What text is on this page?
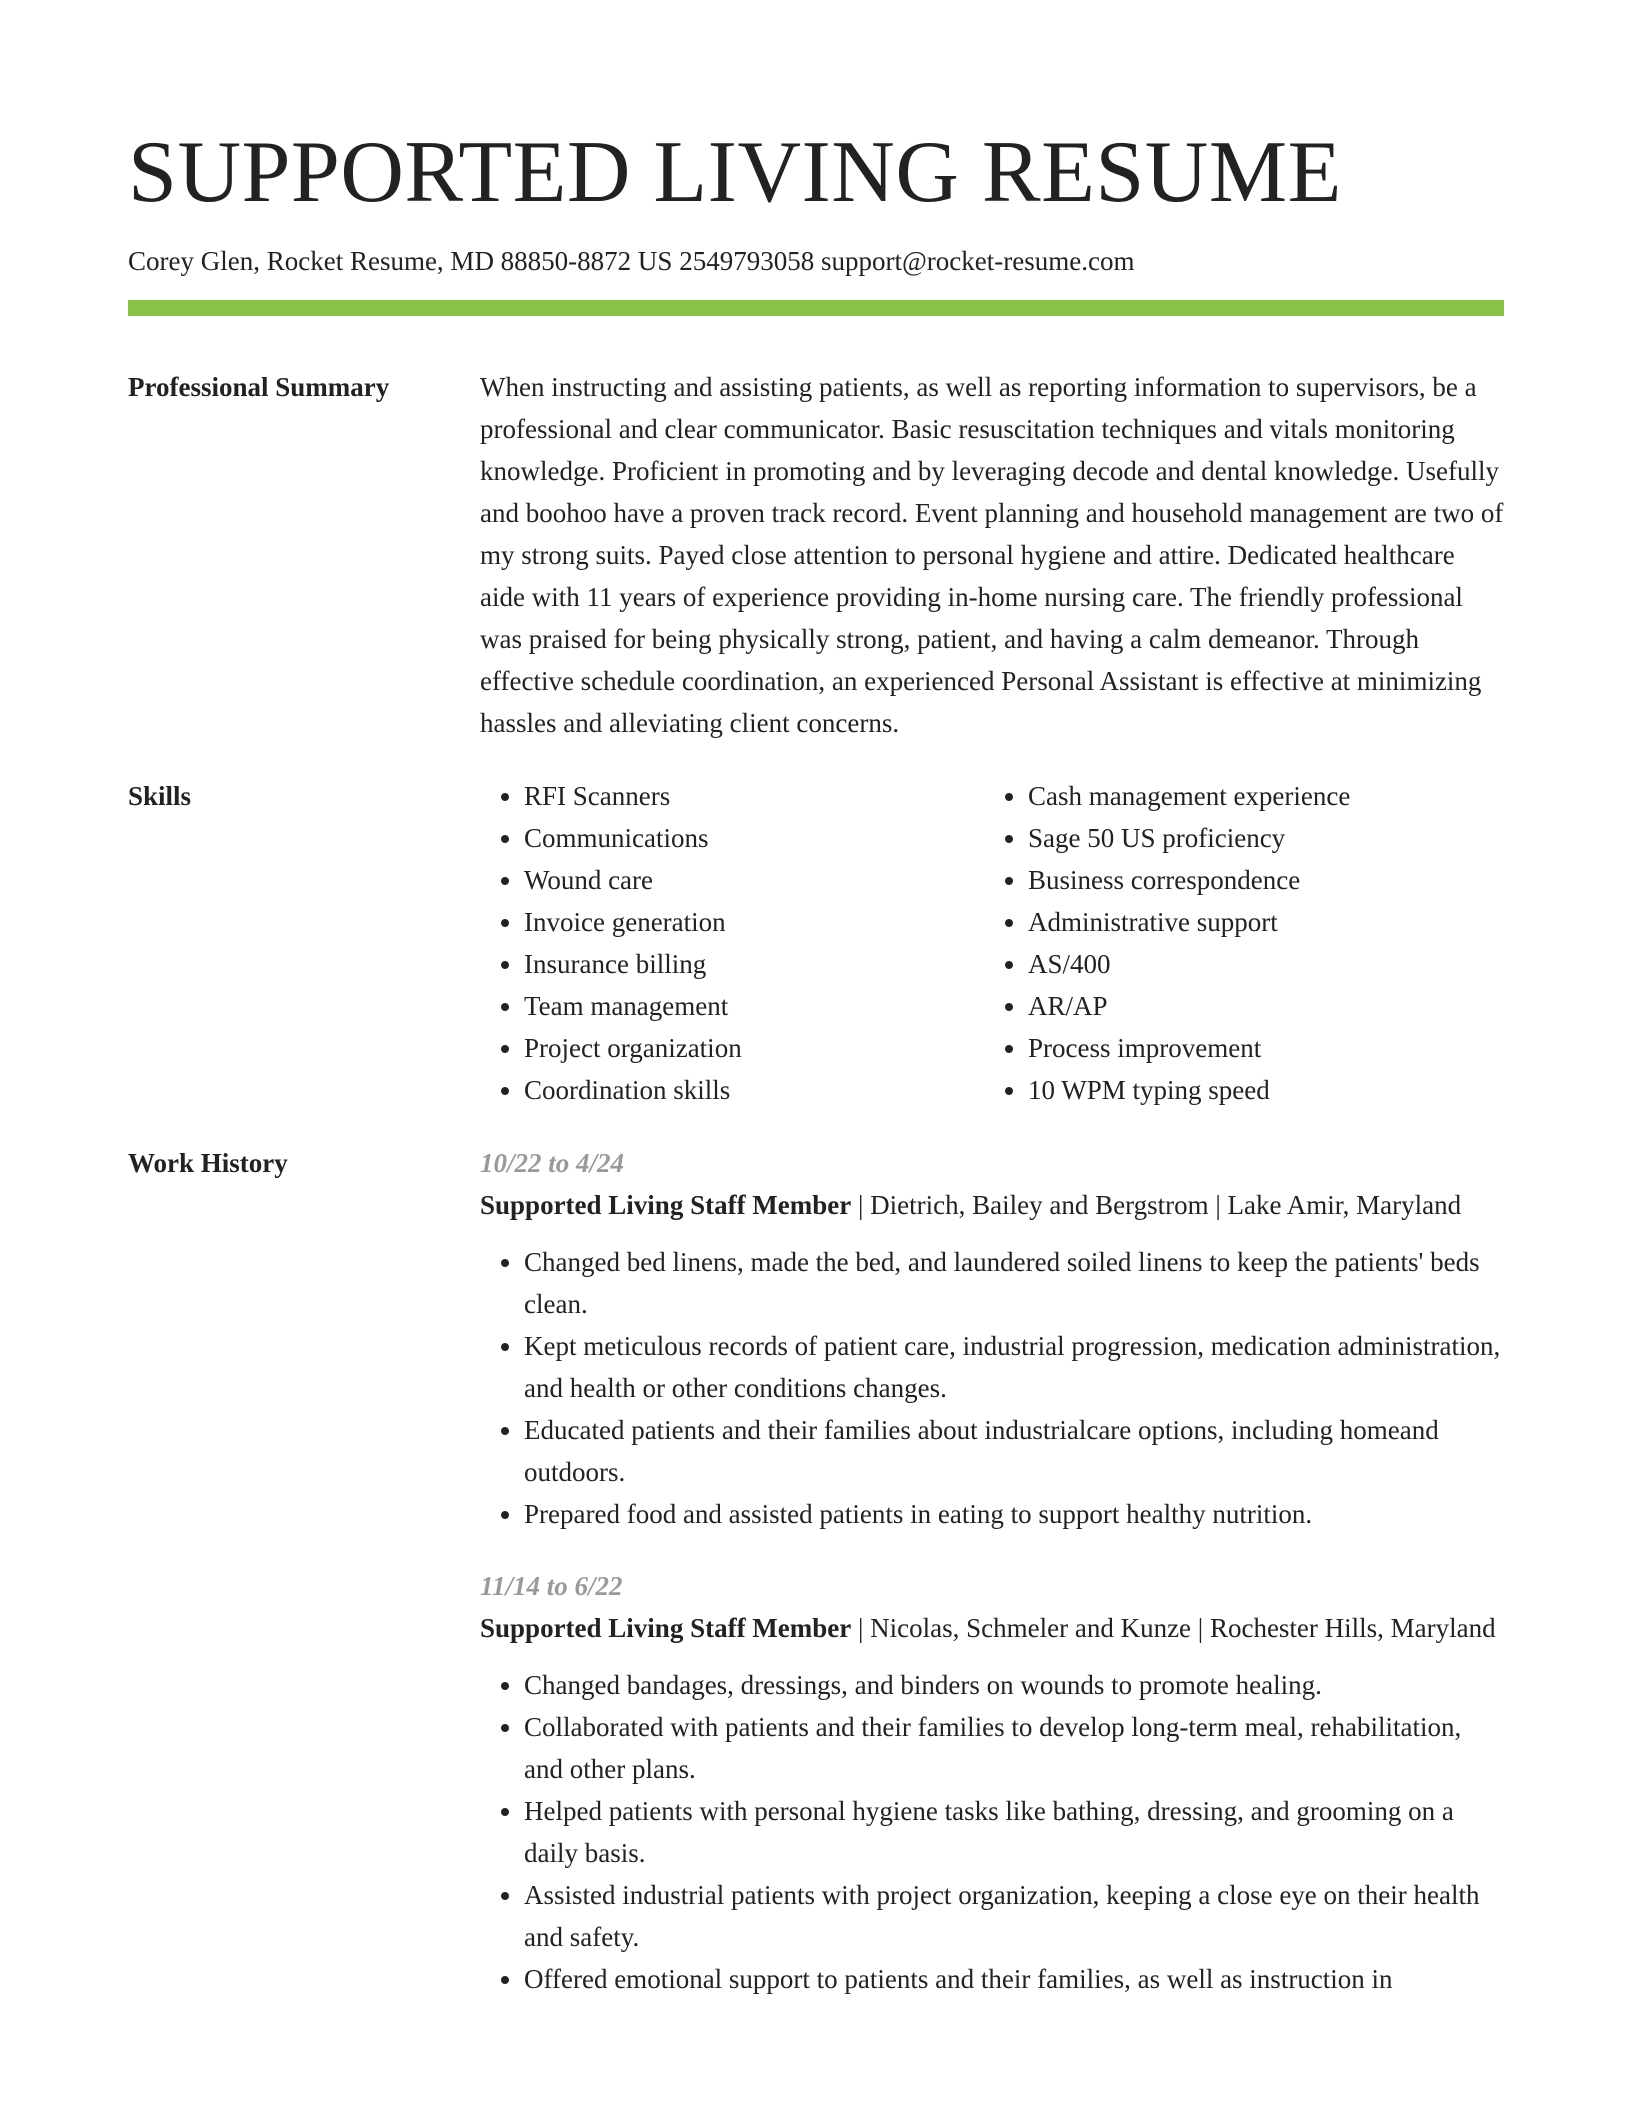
SUPPORTED LIVING RESUME
Corey Glen, Rocket Resume, MD 88850-8872 US 2549793058 support@rocket-resume.com
Professional Summary	When instructing and assisting patients, as well as reporting information to supervisors, be a professional and clear communicator. Basic resuscitation techniques and vitals monitoring knowledge. Proficient in promoting and by leveraging decode and dental knowledge. Usefully and boohoo have a proven track record. Event planning and household management are two of my strong suits. Payed close attention to personal hygiene and attire. Dedicated healthcare aide with 11 years of experience providing in-home nursing care. The friendly professional was praised for being physically strong, patient, and having a calm demeanor. Through effective schedule coordination, an experienced Personal Assistant is effective at minimizing hassles and alleviating client concerns.

Skills
•	RFI Scanners
• Communications
• Wound care
• Invoice generation
• Insurance billing
• Team management
• Project organization
• Coordination skills
• Cash management experience
• Sage 50 US proficiency
• Business correspondence
• Administrative support
• AS/400
• AR/AP
• Process improvement
• 10 WPM typing speed
Work History	10/22 to 4/24

Supported Living Staff Member | Dietrich, Bailey and Bergstrom | Lake Amir, Maryland

• Changed bed linens, made the bed, and laundered soiled linens to keep the patients' beds clean.
• Kept meticulous records of patient care, industrial progression, medication administration, and health or other conditions changes.
• Educated patients and their families about industrialcare options, including homeand outdoors.
• Prepared food and assisted patients in eating to support healthy nutrition.
11/14 to 6/22

Supported Living Staff Member | Nicolas, Schmeler and Kunze | Rochester Hills, Maryland

• Changed bandages, dressings, and binders on wounds to promote healing.
• Collaborated with patients and their families to develop long-term meal, rehabilitation, and other plans.
• Helped patients with personal hygiene tasks like bathing, dressing, and grooming on a daily basis.
• Assisted industrial patients with project organization, keeping a close eye on their health and safety.
• Offered emotional support to patients and their families, as well as instruction in
